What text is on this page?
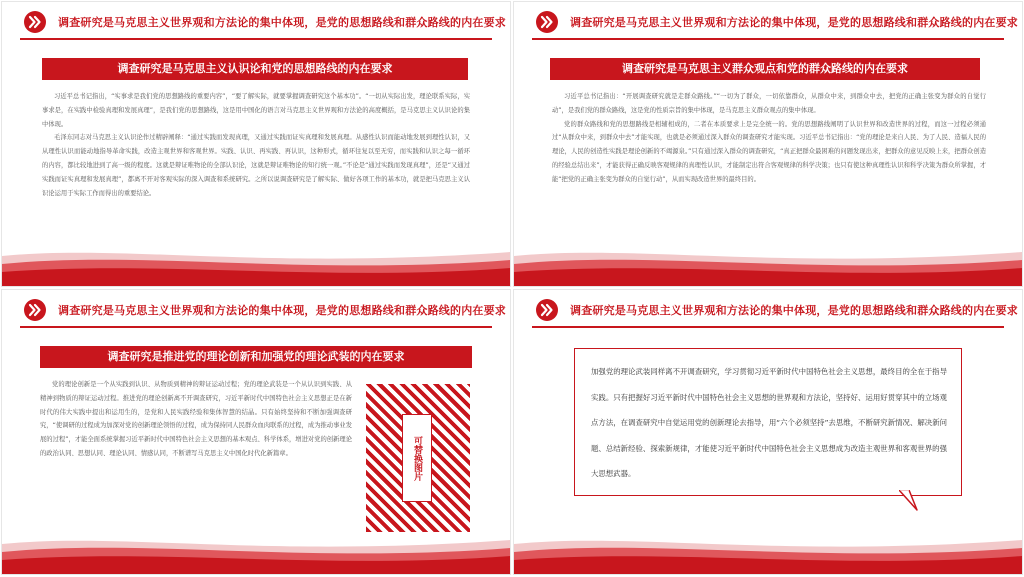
调查研究是马克思主义世界观和方法论的集中体现，是党的思想路线和群众路线的内在要求
调查研究是马克思主义认识论和党的思想路线的内在要求

习近平总书记指出，“实事求是我们党的思想路线的重要内容”，“要了解实际，就要掌握调查研究这个基本功”。“一切从实际出发，理论联系实际，实事求是，在实践中检验真理和发展真理”，是我们党的思想路线，这是用中国化的语言对马克思主义世界观和方法论的高度概括，是马克思主义认识论的集中体现。

毛泽东同志对马克思主义认识论作过精辟阐释：“通过实践而发现真理，又通过实践而证实真理和发展真理。从感性认识而能动地发展到理性认识，又从理性认识而能动地指导革命实践，改造主观世界和客观世界。实践、认识、再实践、再认识，这种形式，循环往复以至无穷，而实践和认识之每一循环的内容，都比较地进到了高一级的程度。这就是辩证唯物论的全部认识论，这就是辩证唯物论的知行统一观。”不论是“通过实践而发现真理”，还是“又通过实践而证实真理和发展真理”，都离不开对客观实际的深入调查和系统研究。之所以说调查研究是了解实际、做好各项工作的基本功，就是把马克思主义认识论运用于实际工作而得出的重要结论。

调查研究是马克思主义世界观和方法论的集中体现，是党的思想路线和群众路线的内在要求
调查研究是马克思主义群众观点和党的群众路线的内在要求

习近平总书记指出：“开展调查研究就是走群众路线。”“一切为了群众，一切依靠群众，从群众中来，到群众中去，把党的正确主张变为群众的自觉行动”，是我们党的群众路线，这是党的性质宗旨的集中体现，是马克思主义群众观点的集中体现。

党的群众路线和党的思想路线是相辅相成的，二者在本质要求上是完全统一的。党的思想路线阐明了认识世界和改造世界的过程，而这一过程必须通过“从群众中来，到群众中去”才能实现，也就是必须通过深入群众的调查研究才能实现。习近平总书记指出：“党的理论是来自人民、为了人民、造福人民的理论，人民的创造性实践是理论创新的不竭源泉。”只有通过深入群众的调查研究，“真正把群众最困难的问题发现出来，把群众的意见反映上来，把群众创造的经验总结出来”，才能获得正确反映客观规律的真理性认识，才能制定出符合客观规律的科学决策；也只有使这种真理性认识和科学决策为群众所掌握，才能“把党的正确主张变为群众的自觉行动”，从而实现改造世界的最终目的。

调查研究是马克思主义世界观和方法论的集中体现，是党的思想路线和群众路线的内在要求
调查研究是推进党的理论创新和加强党的理论武装的内在要求

党的理论创新是一个从实践到认识、从物质到精神的辩证运动过程；党的理论武装是一个从认识到实践、从精神到物质的辩证运动过程。推进党的理论创新离不开调查研究，习近平新时代中国特色社会主义思想正是在新时代的伟大实践中提出和运用生的，是党和人民实践经验和集体智慧的结晶。只有始终坚持和不断加强调查研究，“使调研的过程成为加深对党的创新理论领悟的过程，成为保持同人民群众血肉联系的过程，成为推动事业发展的过程”，才能全面系统掌握习近平新时代中国特色社会主义思想的基本观点、科学体系，增进对党的创新理论的政治认同、思想认同、理论认同、情感认同，不断谱写马克思主义中国化时代化新篇章。	可替换图片
调查研究是马克思主义世界观和方法论的集中体现，是党的思想路线和群众路线的内在要求
加强党的理论武装同样离不开调查研究，学习贯彻习近平新时代中国特色社会主义思想，最终目的全在于指导实践。只有把握好习近平新时代中国特色社会主义思想的世界观和方法论，坚持好、运用好贯穿其中的立场观点方法，在调查研究中自觉运用党的创新理论去指导，用“六个必须坚持”去思维，不断研究新情况、解决新问题、总结新经验、探索新规律，才能使习近平新时代中国特色社会主义思想成为改造主观世界和客观世界的强大思想武器。
